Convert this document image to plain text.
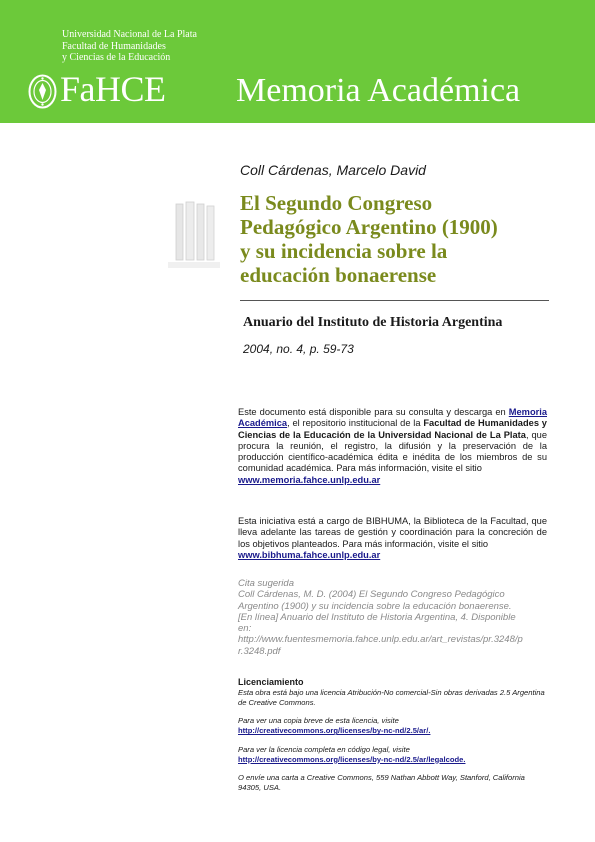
Universidad Nacional de La Plata
Facultad de Humanidades
y Ciencias de la Educación
FaHCE Memoria Académica
Coll Cárdenas, Marcelo David
El Segundo Congreso
Pedagógico Argentino (1900)
y su incidencia sobre la
educación bonaerense
Anuario del Instituto de Historia Argentina
2004, no. 4, p. 59-73
Este documento está disponible para su consulta y descarga en Memoria Académica, el repositorio institucional de la Facultad de Humanidades y Ciencias de la Educación de la Universidad Nacional de La Plata, que procura la reunión, el registro, la difusión y la preservación de la producción científico-académica édita e inédita de los miembros de su comunidad académica. Para más información, visite el sitio
www.memoria.fahce.unlp.edu.ar
Esta iniciativa está a cargo de BIBHUMA, la Biblioteca de la Facultad, que lleva adelante las tareas de gestión y coordinación para la concreción de los objetivos planteados. Para más información, visite el sitio
www.bibhuma.fahce.unlp.edu.ar
Cita sugerida
Coll Cárdenas, M. D. (2004) El Segundo Congreso Pedagógico
Argentino (1900) y su incidencia sobre la educación bonaerense.
[En línea] Anuario del Instituto de Historia Argentina, 4. Disponible
en:
http://www.fuentesmemoria.fahce.unlp.edu.ar/art_revistas/pr.3248/p
r.3248.pdf
Licenciamiento
Esta obra está bajo una licencia Atribución-No comercial-Sin obras derivadas 2.5 Argentina de Creative Commons.
Para ver una copia breve de esta licencia, visite
http://creativecommons.org/licenses/by-nc-nd/2.5/ar/.
Para ver la licencia completa en código legal, visite
http://creativecommons.org/licenses/by-nc-nd/2.5/ar/legalcode.
O envíe una carta a Creative Commons, 559 Nathan Abbott Way, Stanford, California 94305, USA.
